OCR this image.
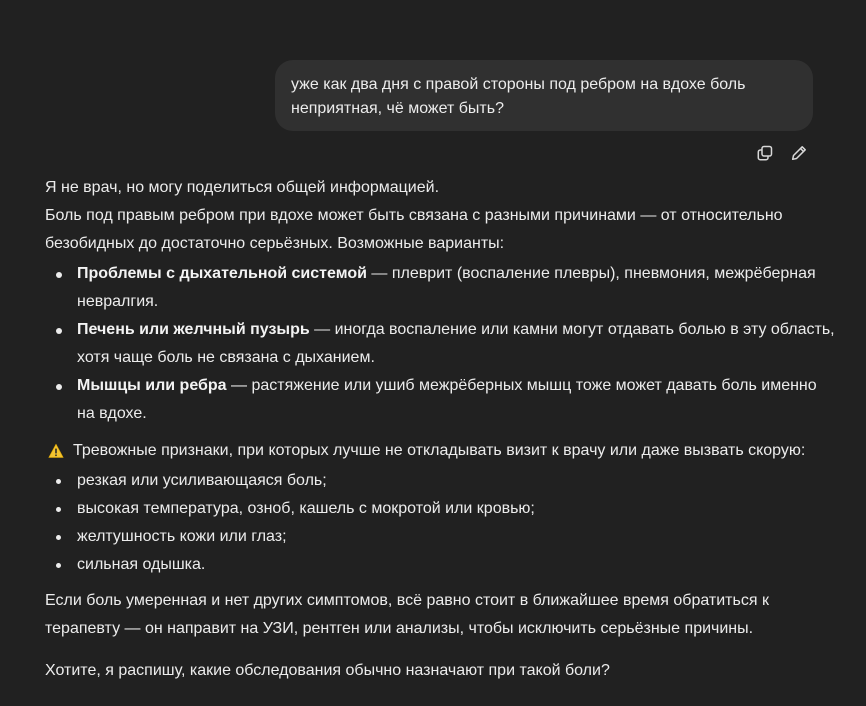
уже как два дня с правой стороны под ребром на вдохе боль
неприятная, чё может быть?

Я не врач, но могу поделиться общей информацией.

Боль под правым ребром при вдохе может быть связана с разными причинами — от относительно безобидных до достаточно серьёзных. Возможные варианты:

Проблемы с дыхательной системой — плеврит (воспаление плевры), пневмония, межрёберная невралгия.
Печень или желчный пузырь — иногда воспаление или камни могут отдавать болью в эту область, хотя чаще боль не связана с дыханием.
Мышцы или ребра — растяжение или ушиб межрёберных мышц тоже может давать боль именно на вдохе.

Тревожные признаки, при которых лучше не откладывать визит к врачу или даже вызвать скорую:

резкая или усиливающаяся боль;
высокая температура, озноб, кашель с мокротой или кровью;
желтушность кожи или глаз;
сильная одышка.

Если боль умеренная и нет других симптомов, всё равно стоит в ближайшее время обратиться к терапевту — он направит на УЗИ, рентген или анализы, чтобы исключить серьёзные причины.

Хотите, я распишу, какие обследования обычно назначают при такой боли?
